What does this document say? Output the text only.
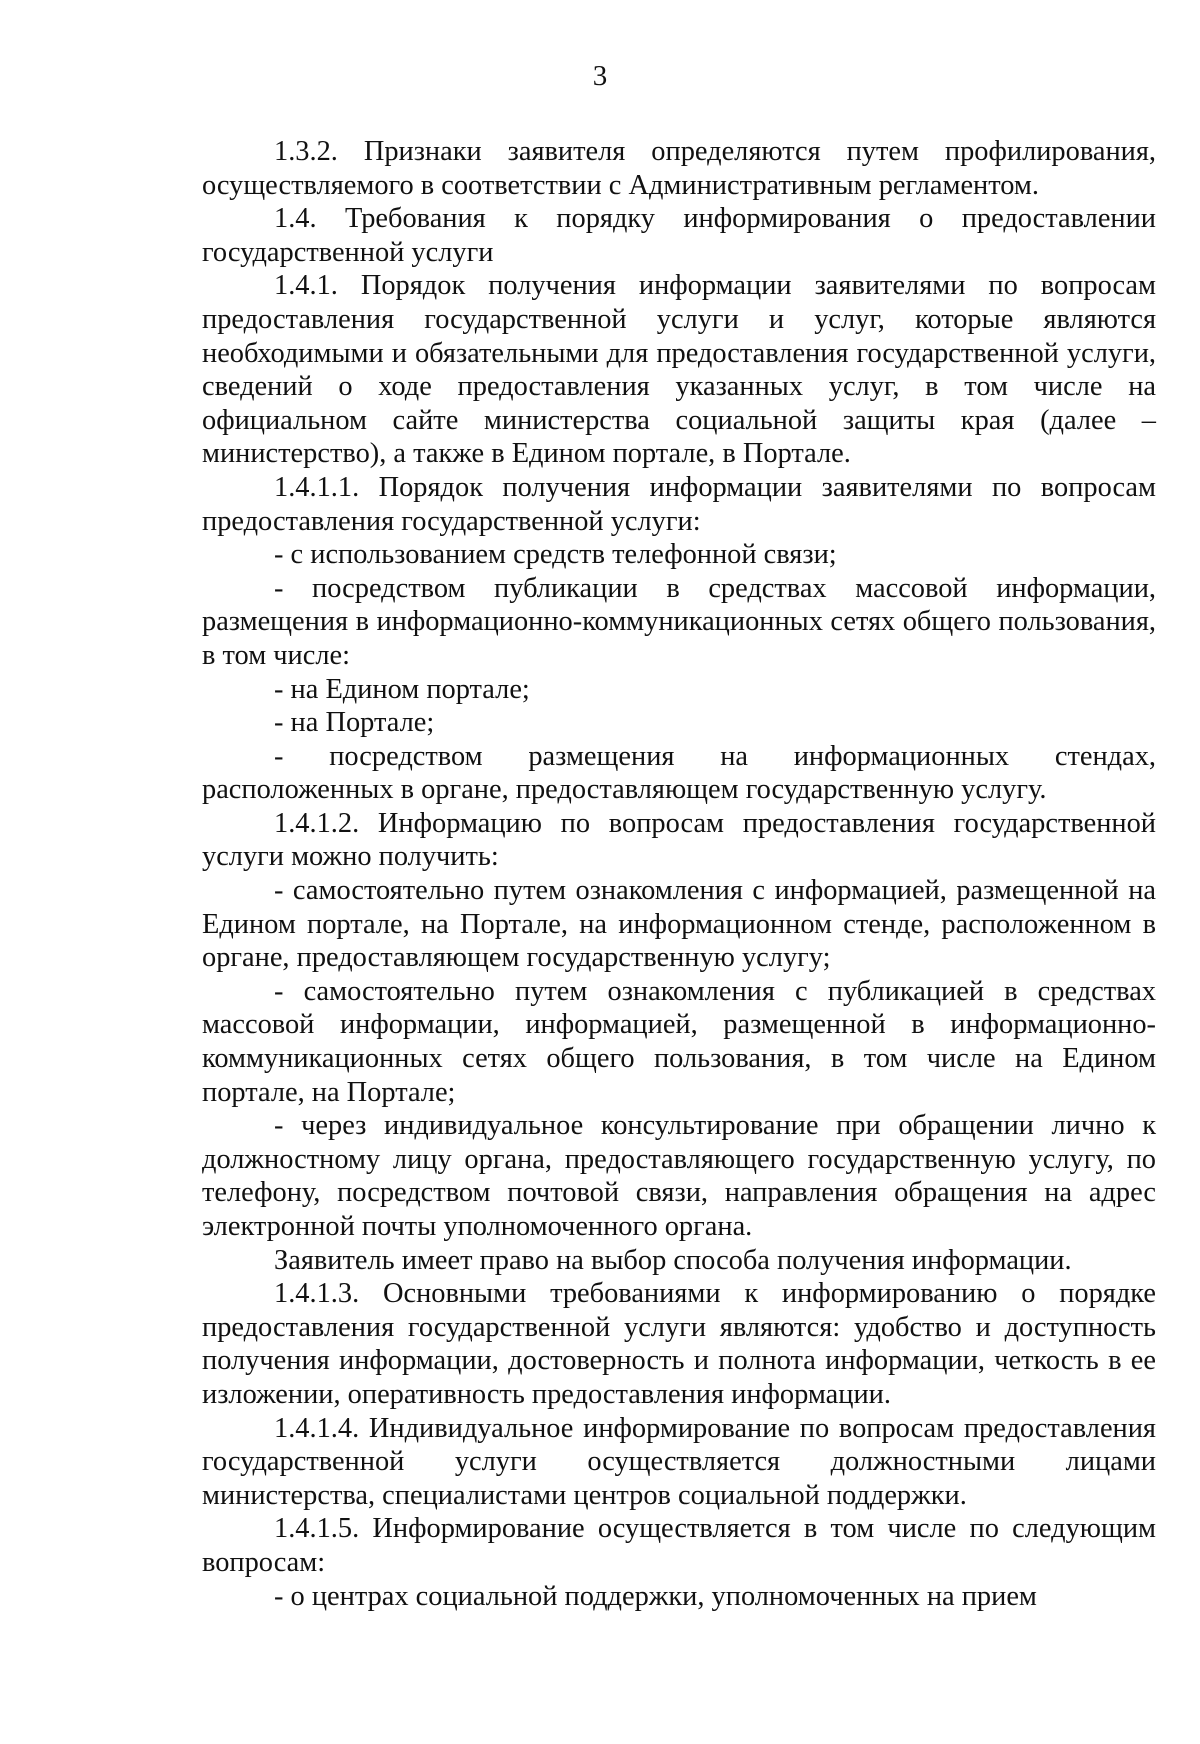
3

1.3.2. Признаки заявителя определяются путем профилирования, осуществляемого в соответствии с Административным регламентом.

1.4. Требования к порядку информирования о предоставлении государственной услуги

1.4.1. Порядок получения информации заявителями по вопросам предоставления государственной услуги и услуг, которые являются необходимыми и обязательными для предоставления государственной услуги, сведений о ходе предоставления указанных услуг, в том числе на официальном сайте министерства социальной защиты края (далее – министерство), а также в Едином портале, в Портале.

1.4.1.1. Порядок получения информации заявителями по вопросам предоставления государственной услуги:

- с использованием средств телефонной связи;

- посредством публикации в средствах массовой информации, размещения в информационно-коммуникационных сетях общего пользования, в том числе:

- на Едином портале;

- на Портале;

- посредством размещения на информационных стендах, расположенных в органе, предоставляющем государственную услугу.

1.4.1.2. Информацию по вопросам предоставления государственной услуги можно получить:

- самостоятельно путем ознакомления с информацией, размещенной на Едином портале, на Портале, на информационном стенде, расположенном в органе, предоставляющем государственную услугу;

- самостоятельно путем ознакомления с публикацией в средствах массовой информации, информацией, размещенной в информационно-коммуникационных сетях общего пользования, в том числе на Едином портале, на Портале;

- через индивидуальное консультирование при обращении лично к должностному лицу органа, предоставляющего государственную услугу, по телефону, посредством почтовой связи, направления обращения на адрес электронной почты уполномоченного органа.

Заявитель имеет право на выбор способа получения информации.

1.4.1.3. Основными требованиями к информированию о порядке предоставления государственной услуги являются: удобство и доступность получения информации, достоверность и полнота информации, четкость в ее изложении, оперативность предоставления информации.

1.4.1.4. Индивидуальное информирование по вопросам предоставления государственной услуги осуществляется должностными лицами министерства, специалистами центров социальной поддержки.

1.4.1.5. Информирование осуществляется в том числе по следующим вопросам:

- о центрах социальной поддержки, уполномоченных на прием
